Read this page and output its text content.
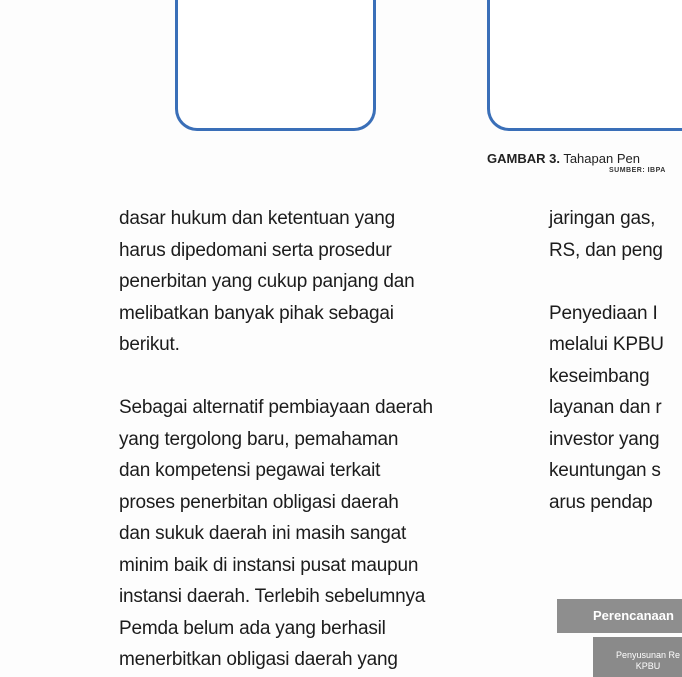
GAMBAR 3. Tahapan Pen
SUMBER: IBPA
dasar hukum dan ketentuan yang
harus dipedomani serta prosedur
penerbitan yang cukup panjang dan
melibatkan banyak pihak sebagai
berikut.
Sebagai alternatif pembiayaan daerah
yang tergolong baru, pemahaman
dan kompetensi pegawai terkait
proses penerbitan obligasi daerah
dan sukuk daerah ini masih sangat
minim baik di instansi pusat maupun
instansi daerah. Terlebih sebelumnya
Pemda belum ada yang berhasil
menerbitkan obligasi daerah yang
jaringan gas,
RS, dan peng
Penyediaan I
melalui KPBU
keseimbang
layanan dan r
investor yang
keuntungan s
arus pendap
Perencanaan
Penyusunan Re
KPBU
